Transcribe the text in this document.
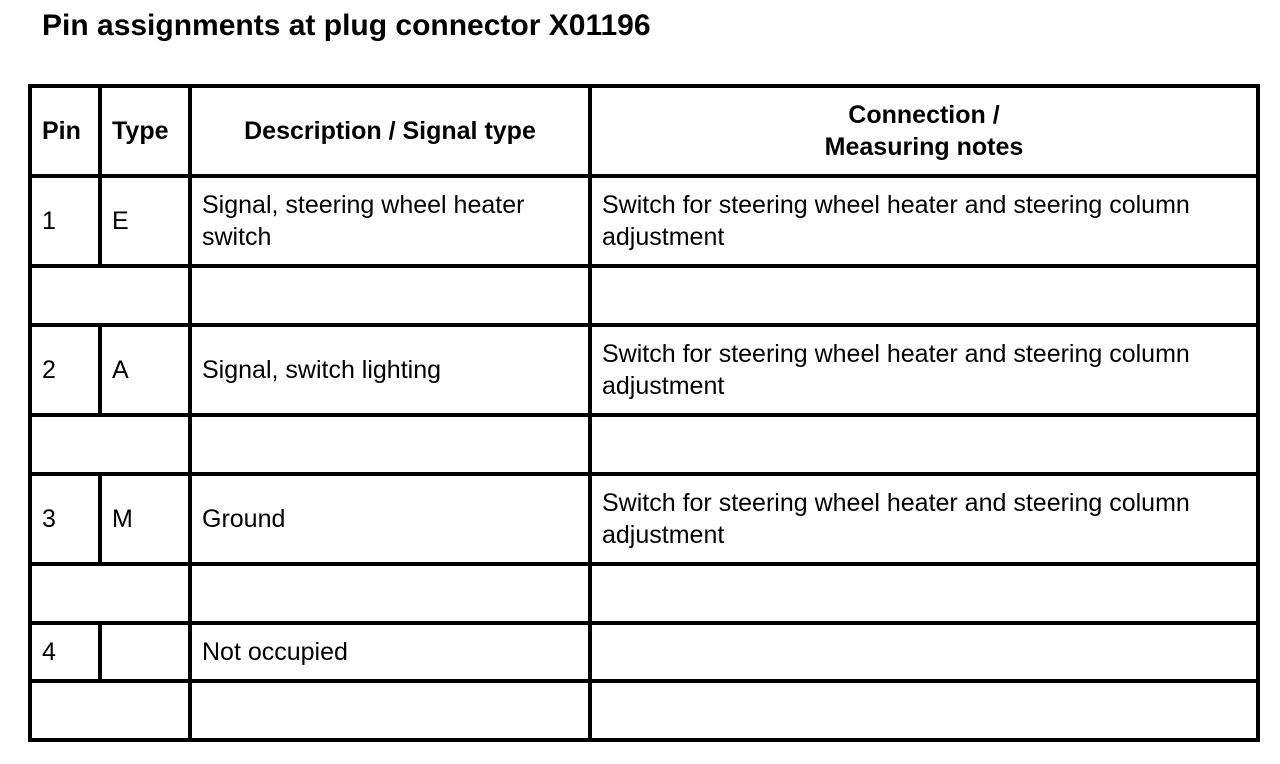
Pin assignments at plug connector X01196
Pin	Type	Description / Signal type	Connection /
Measuring notes

1	E	Signal, steering wheel heater switch	Switch for steering wheel heater and steering column adjustment

2	A	Signal, switch lighting	Switch for steering wheel heater and steering column adjustment

3	M	Ground	Switch for steering wheel heater and steering column adjustment

4		Not occupied	
